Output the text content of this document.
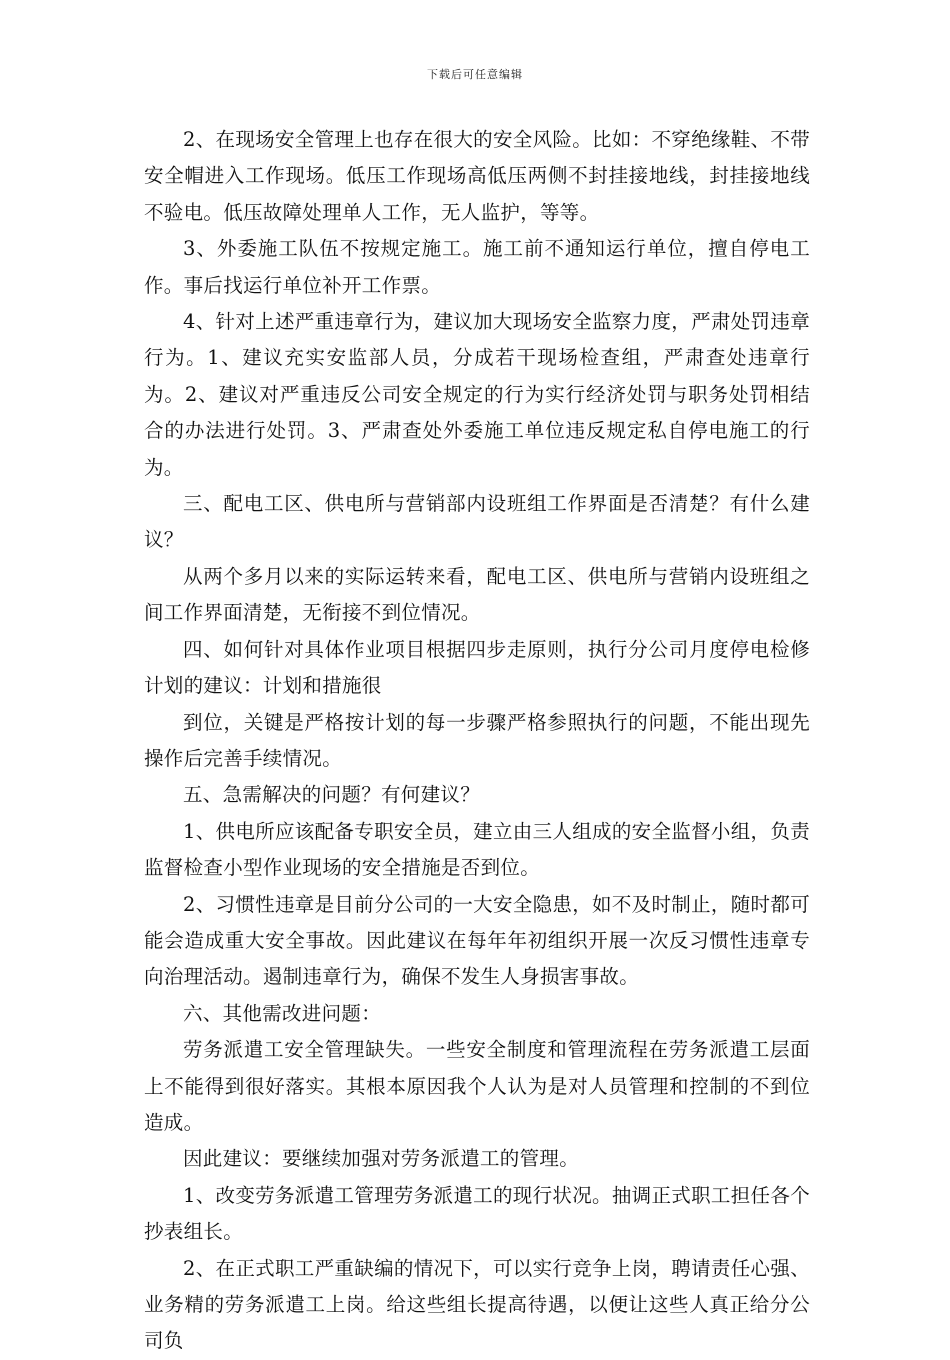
下载后可任意编辑

2、在现场安全管理上也存在很大的安全风险。比如：不穿绝缘鞋、不带安全帽进入工作现场。低压工作现场高低压两侧不封挂接地线，封挂接地线不验电。低压故障处理单人工作，无人监护，等等。

3、外委施工队伍不按规定施工。施工前不通知运行单位，擅自停电工作。事后找运行单位补开工作票。

4、针对上述严重违章行为，建议加大现场安全监察力度，严肃处罚违章行为。1、建议充实安监部人员，分成若干现场检查组，严肃查处违章行为。2、建议对严重违反公司安全规定的行为实行经济处罚与职务处罚相结合的办法进行处罚。3、严肃查处外委施工单位违反规定私自停电施工的行为。

三、配电工区、供电所与营销部内设班组工作界面是否清楚？有什么建议？

从两个多月以来的实际运转来看，配电工区、供电所与营销内设班组之间工作界面清楚，无衔接不到位情况。

四、如何针对具体作业项目根据四步走原则，执行分公司月度停电检修计划的建议：计划和措施很

到位，关键是严格按计划的每一步骤严格参照执行的问题，不能出现先操作后完善手续情况。

五、急需解决的问题？有何建议？

1、供电所应该配备专职安全员，建立由三人组成的安全监督小组，负责监督检查小型作业现场的安全措施是否到位。

2、习惯性违章是目前分公司的一大安全隐患，如不及时制止，随时都可能会造成重大安全事故。因此建议在每年年初组织开展一次反习惯性违章专向治理活动。遏制违章行为，确保不发生人身损害事故。

六、其他需改进问题：

劳务派遣工安全管理缺失。一些安全制度和管理流程在劳务派遣工层面上不能得到很好落实。其根本原因我个人认为是对人员管理和控制的不到位造成。

因此建议：要继续加强对劳务派遣工的管理。

1、改变劳务派遣工管理劳务派遣工的现行状况。抽调正式职工担任各个抄表组长。

2、在正式职工严重缺编的情况下，可以实行竞争上岗，聘请责任心强、业务精的劳务派遣工上岗。给这些组长提高待遇，以便让这些人真正给分公司负
